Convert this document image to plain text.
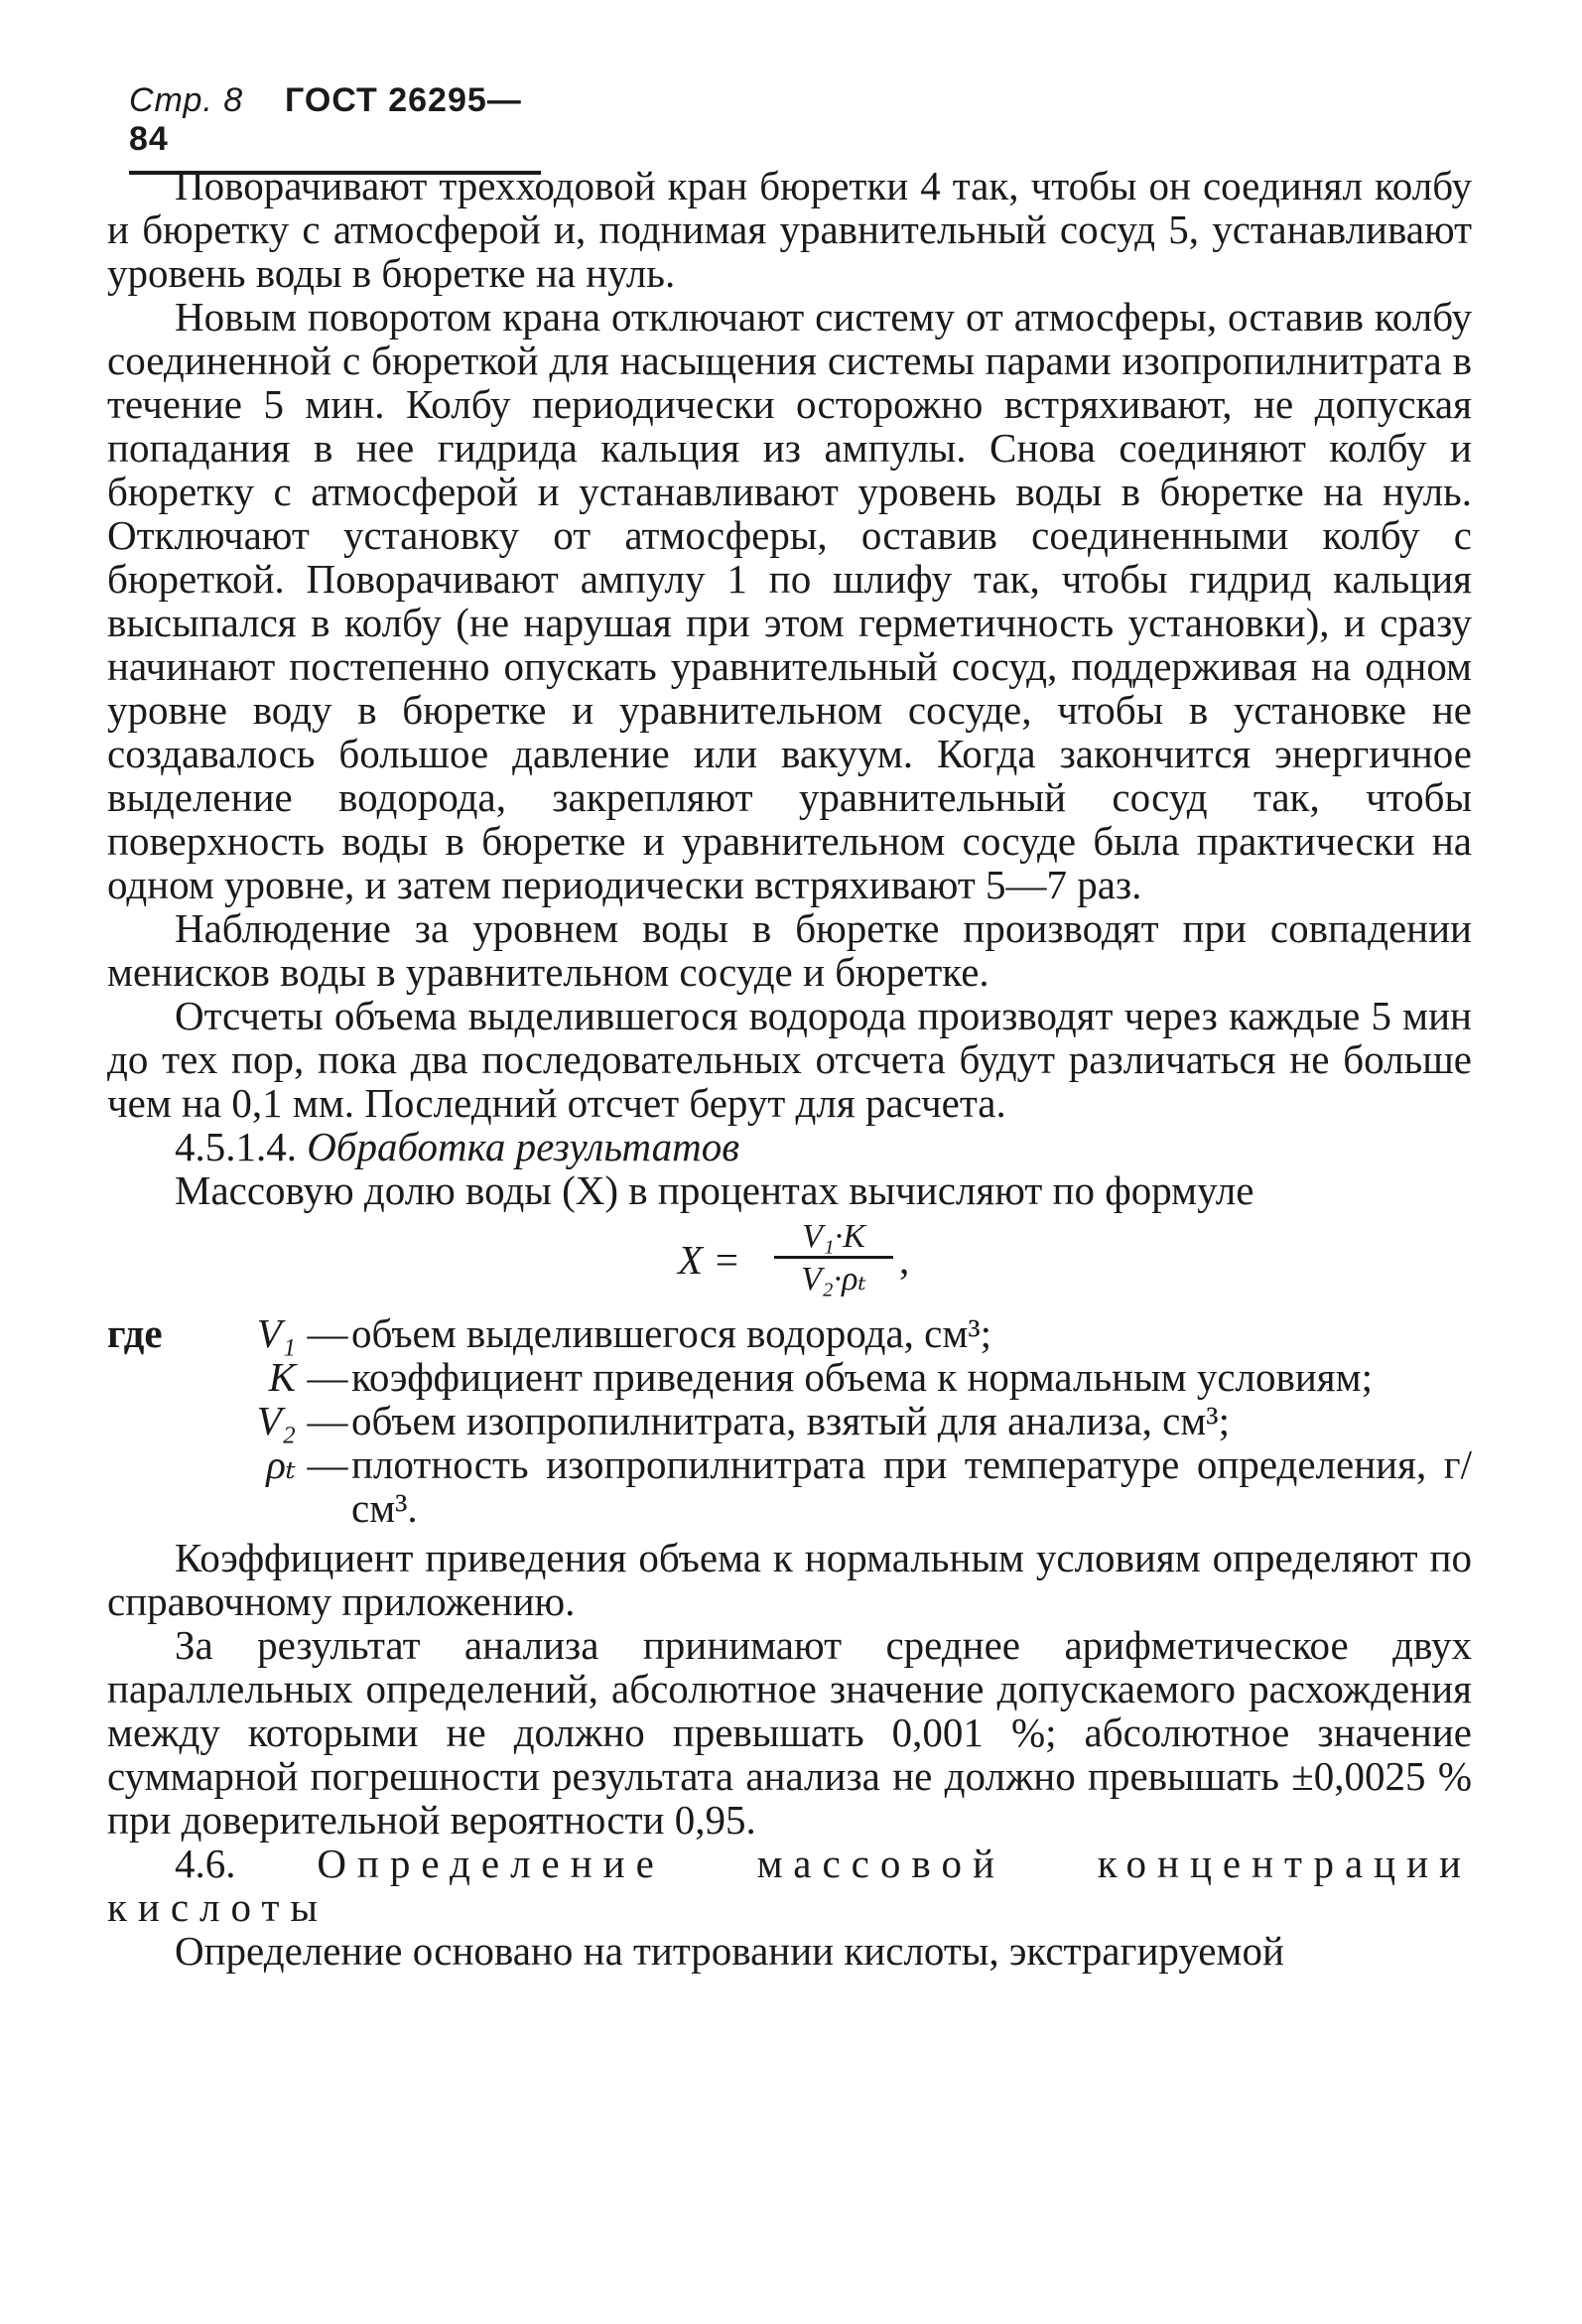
Стр. 8 ГОСТ 26295—84

Поворачивают трехходовой кран бюретки 4 так, чтобы он соединял колбу и бюретку с атмосферой и, поднимая уравнительный сосуд 5, устанавливают уровень воды в бюретке на нуль.

Новым поворотом крана отключают систему от атмосферы, оставив колбу соединенной с бюреткой для насыщения системы парами изопропилнитрата в течение 5 мин. Колбу периодически осторожно встряхивают, не допуская попадания в нее гидрида кальция из ампулы. Снова соединяют колбу и бюретку с атмосферой и устанавливают уровень воды в бюретке на нуль. Отключают установку от атмосферы, оставив соединенными колбу с бюреткой. Поворачивают ампулу 1 по шлифу так, чтобы гидрид кальция высыпался в колбу (не нарушая при этом герметичность установки), и сразу начинают постепенно опускать уравнительный сосуд, поддерживая на одном уровне воду в бюретке и уравнительном сосуде, чтобы в установке не создавалось большое давление или вакуум. Когда закончится энергичное выделение водорода, закрепляют уравнительный сосуд так, чтобы поверхность воды в бюретке и уравнительном сосуде была практически на одном уровне, и затем периодически встряхивают 5—7 раз.

Наблюдение за уровнем воды в бюретке производят при совпадении менисков воды в уравнительном сосуде и бюретке.

Отсчеты объема выделившегося водорода производят через каждые 5 мин до тех пор, пока два последовательных отсчета будут различаться не больше чем на 0,1 мм. Последний отсчет берут для расчета.

4.5.1.4. Обработка результатов

Массовую долю воды (X) в процентах вычисляют по формуле

$X = \frac{\text{V₁·K}}{\text{V₂·ρₜ}}$ ,
где	V₁ — объем выделившегося водорода, см³;
K — коэффициент приведения объема к нормальным условиям;
V₂ — объем изопропилнитрата, взятый для анализа, см³;
ρₜ — плотность изопропилнитрата при температуре определения, г/см³.

Коэффициент приведения объема к нормальным условиям определяют по справочному приложению.

За результат анализа принимают среднее арифметическое двух параллельных определений, абсолютное значение допускаемого расхождения между которыми не должно превышать 0,001 %; абсолютное значение суммарной погрешности результата анализа не должно превышать ±0,0025 % при доверительной вероятности 0,95.

4.6. Определение массовой концентрации кислоты

Определение основано на титровании кислоты, экстрагируемой
